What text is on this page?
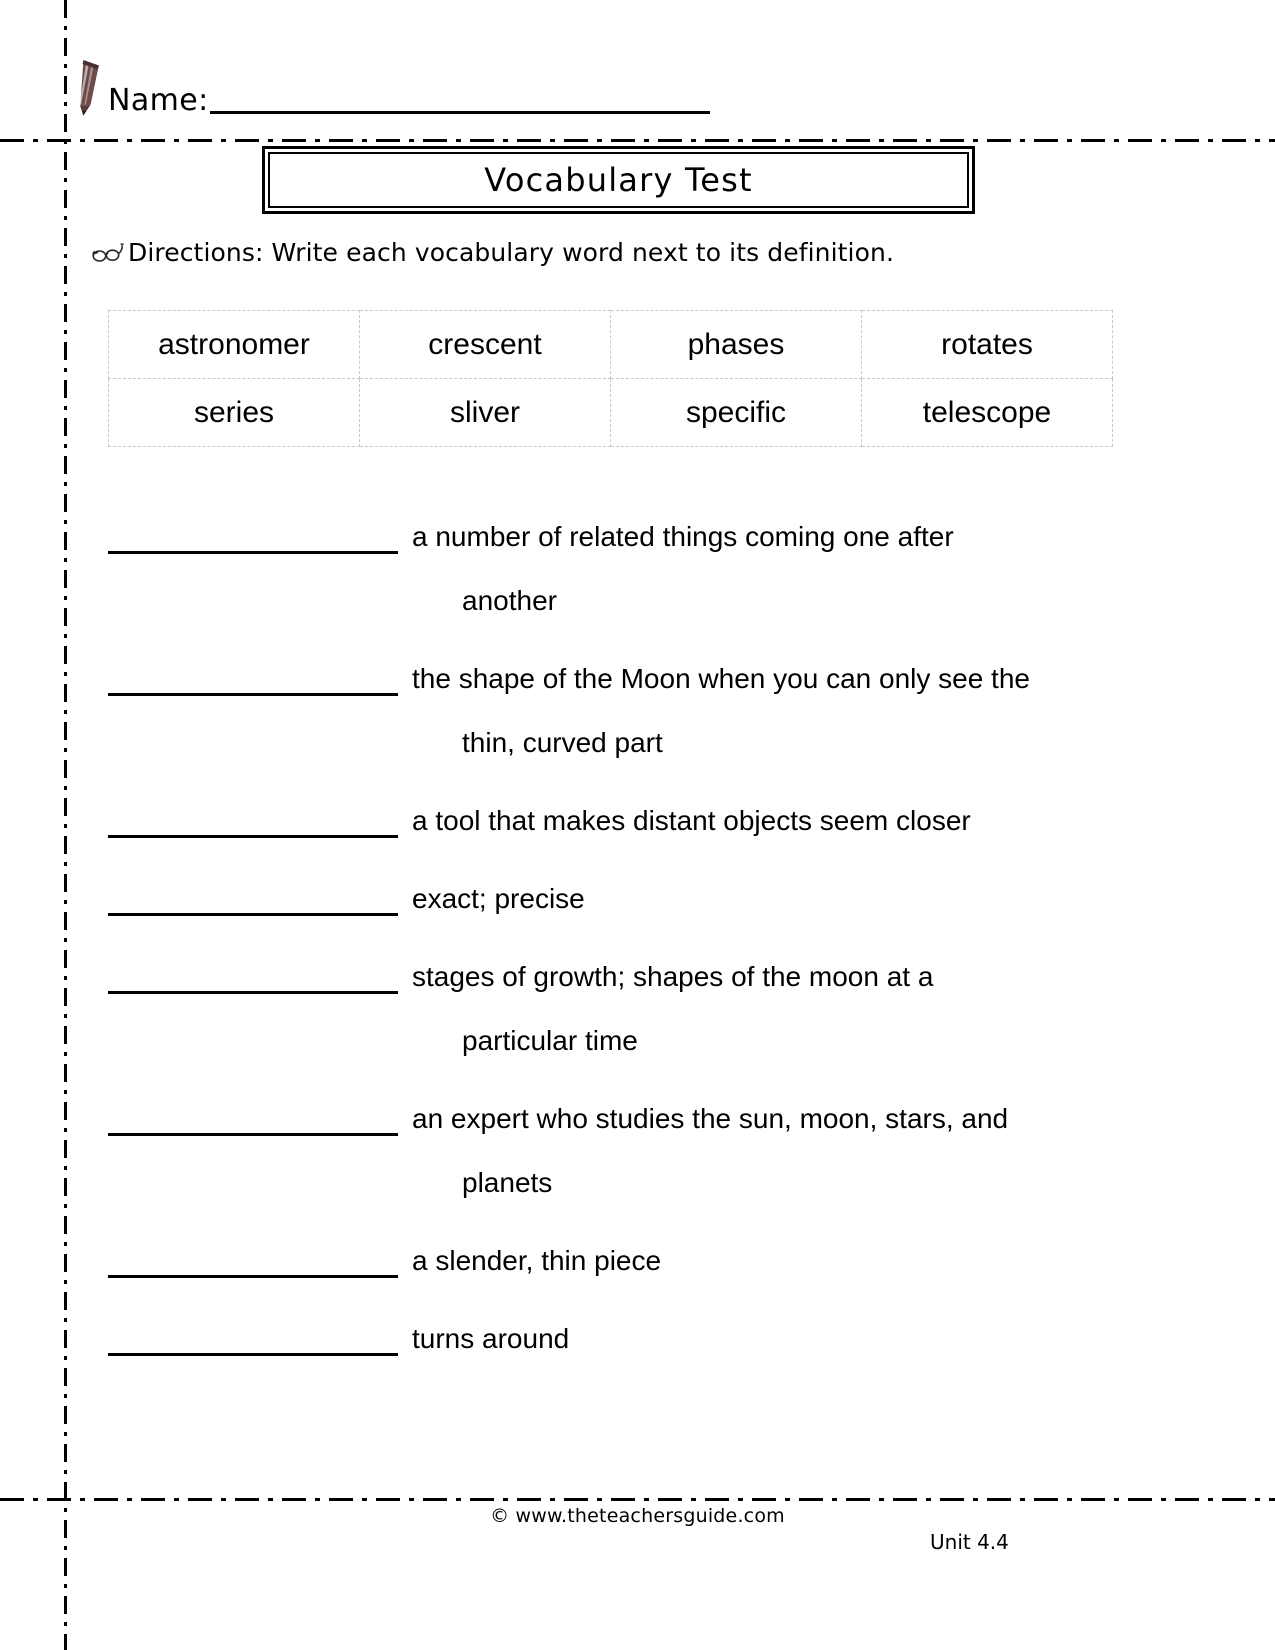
Name:
Vocabulary Test
Directions: Write each vocabulary word next to its definition.
astronomer	crescent	phases	rotates
series	sliver	specific	telescope
a number of related things coming one after
another
the shape of the Moon when you can only see the
thin, curved part
a tool that makes distant objects seem closer
exact; precise
stages of growth; shapes of the moon at a
particular time
an expert who studies the sun, moon, stars, and
planets
a slender, thin piece
turns around
© www.theteachersguide.com
Unit 4.4
